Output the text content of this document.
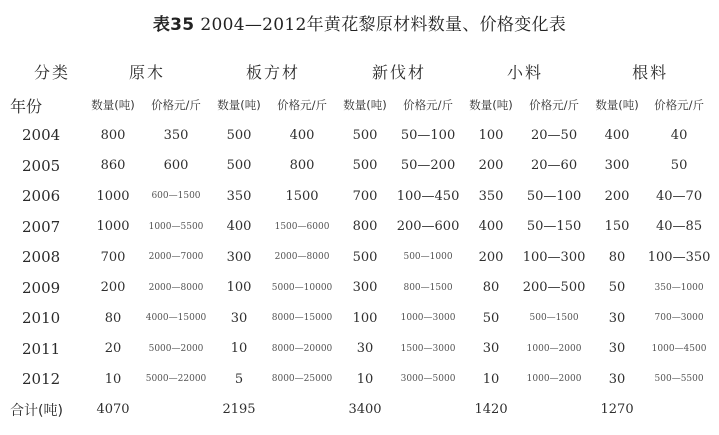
表35 2004—2012年黄花黎原材料数量、价格变化表
分类	原木		板方材		新伐材		小料		根料	
年份	数量(吨)	价格元/斤	数量(吨)	价格元/斤	数量(吨)	价格元/斤	数量(吨)	价格元/斤	数量(吨)	价格元/斤
2004	800	350	500	400	500	50—100	100	20—50	400	40
2005	860	600	500	800	500	50—200	200	20—60	300	50
2006	1000	600—1500	350	1500	700	100—450	350	50—100	200	40—70
2007	1000	1000—5500	400	1500—6000	800	200—600	400	50—150	150	40—85
2008	700	2000—7000	300	2000—8000	500	500—1000	200	100—300	80	100—350
2009	200	2000—8000	100	5000—10000	300	800—1500	80	200—500	50	350—1000
2010	80	4000—15000	30	8000—15000	100	1000—3000	50	500—1500	30	700—3000
2011	20	5000—2000	10	8000—20000	30	1500—3000	30	1000—2000	30	1000—4500
2012	10	5000—22000	5	8000—25000	10	3000—5000	10	1000—2000	30	500—5500
合计(吨)	4070		2195		3400		1420		1270	
